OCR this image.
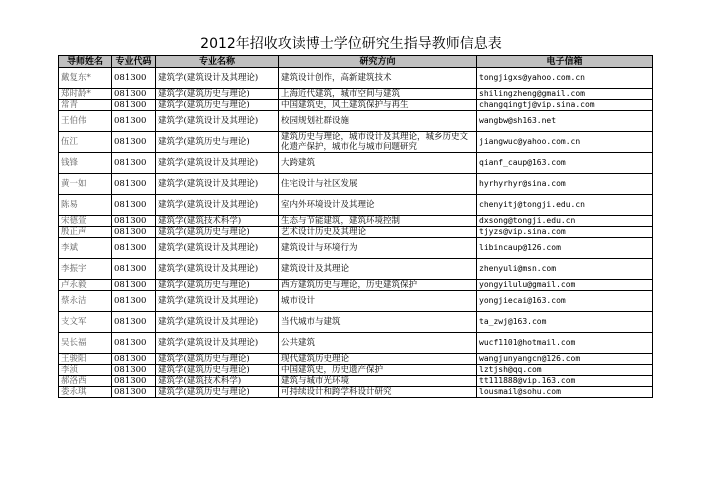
2012年招收攻读博士学位研究生指导教师信息表
导师姓名	专业代码	专业名称	研究方向	电子信箱
戴复东*	081300	建筑学(建筑设计及其理论)	建筑设计创作，高新建筑技术	tongjigxs@yahoo.com.cn
郑时龄*	081300	建筑学(建筑历史与理论)	上海近代建筑，城市空间与建筑	shilingzheng@gmail.com
常青	081300	建筑学(建筑历史与理论)	中国建筑史，风土建筑保护与再生	changqingtj@vip.sina.com
王伯伟	081300	建筑学(建筑设计及其理论)	校园规划社群设施	wangbw@sh163.net
伍江	081300	建筑学(建筑历史与理论)	建筑历史与理论，城市设计及其理论，城乡历史文化遗产保护，城市化与城市问题研究	jiangwuc@yahoo.com.cn
钱锋	081300	建筑学(建筑设计及其理论)	大跨建筑	qianf_caup@163.com
黄一如	081300	建筑学(建筑设计及其理论)	住宅设计与社区发展	hyrhyrhyr@sina.com
陈易	081300	建筑学(建筑设计及其理论)	室内外环境设计及其理论	chenyitj@tongji.edu.cn
宋德萱	081300	建筑学(建筑技术科学)	生态与节能建筑，建筑环境控制	dxsong@tongji.edu.cn
殷正声	081300	建筑学(建筑历史与理论)	艺术设计历史及其理论	tjyzs@vip.sina.com
李斌	081300	建筑学(建筑设计及其理论)	建筑设计与环境行为	libincaup@126.com
李振宇	081300	建筑学(建筑设计及其理论)	建筑设计及其理论	zhenyuli@msn.com
卢永毅	081300	建筑学(建筑历史与理论)	西方建筑历史与理论，历史建筑保护	yongyilulu@gmail.com
蔡永洁	081300	建筑学(建筑设计及其理论)	城市设计	yongjiecai@163.com
支文军	081300	建筑学(建筑设计及其理论)	当代城市与建筑	ta_zwj@163.com
吴长福	081300	建筑学(建筑设计及其理论)	公共建筑	wucf1101@hotmail.com
王骏阳	081300	建筑学(建筑历史与理论)	现代建筑历史理论	wangjunyangcn@126.com
李浈	081300	建筑学(建筑历史与理论)	中国建筑史，历史遗产保护	lztjsh@qq.com
郝洛西	081300	建筑学(建筑技术科学)	建筑与城市光环境	tt111888@vip.163.com
娄永琪	081300	建筑学(建筑历史与理论)	可持续设计和跨学科设计研究	lousmail@sohu.com
